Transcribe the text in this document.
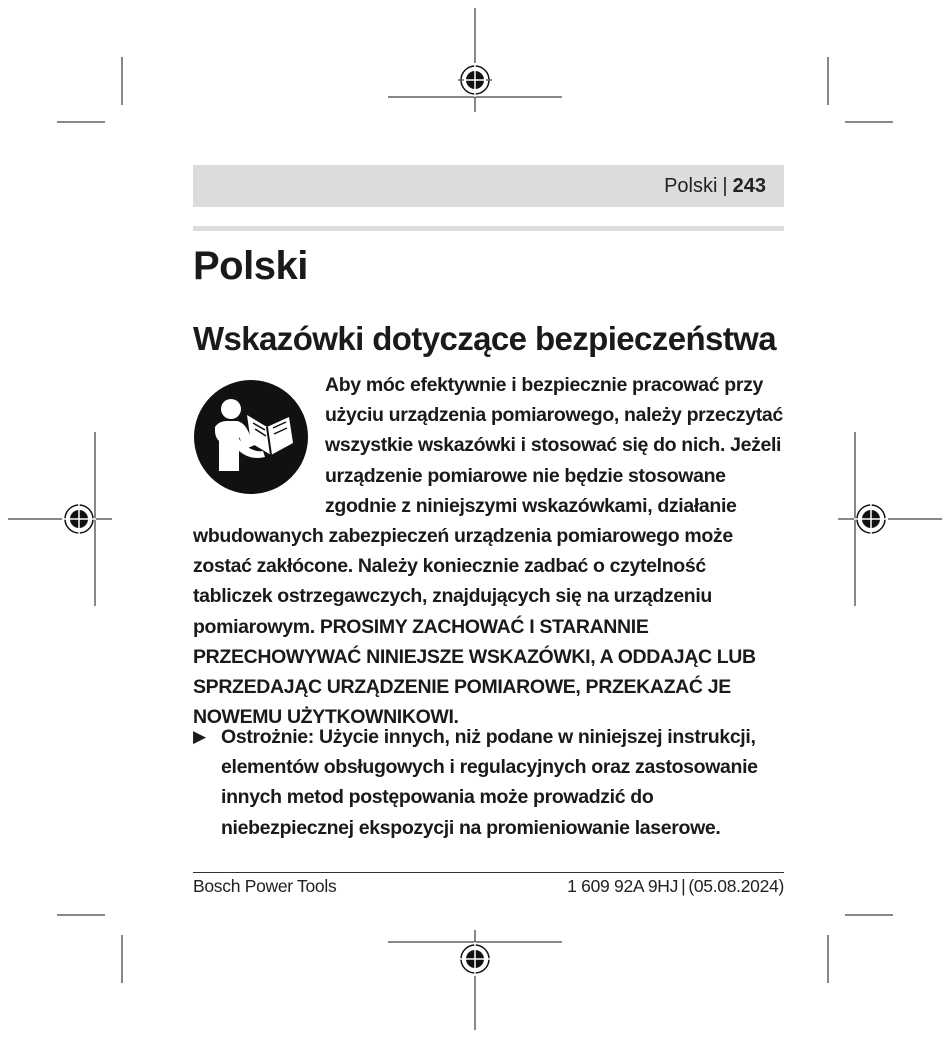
Polski | 243
Polski
Wskazówki dotyczące bezpieczeństwa

Aby móc efektywnie i bezpiecznie pracować przy użyciu urządzenia pomiarowego, należy przeczytać wszystkie wskazówki i stosować się do nich. Jeżeli urządzenie pomiarowe nie będzie stosowane zgodnie z niniejszymi wskazówkami, działanie wbudowanych zabezpieczeń urządzenia pomiarowego może zostać zakłócone. Należy koniecznie zadbać o czytelność tabliczek ostrzegawczych, znajdujących się na urządzeniu pomiarowym. PROSIMY ZACHOWAĆ I STARANNIE PRZECHOWYWAĆ NINIEJSZE WSKAZÓWKI, A ODDAJĄC LUB SPRZEDAJĄC URZĄDZENIE POMIAROWE, PRZEKAZAĆ JE NOWEMU UŻYTKOWNIKOWI.

▶ Ostrożnie: Użycie innych, niż podane w niniejszej instrukcji, elementów obsługowych i regulacyjnych oraz zastosowanie innych metod postępowania może prowadzić do niebezpiecznej ekspozycji na promieniowanie laserowe.
Bosch Power Tools	1 609 92A 9HJ | (05.08.2024)
